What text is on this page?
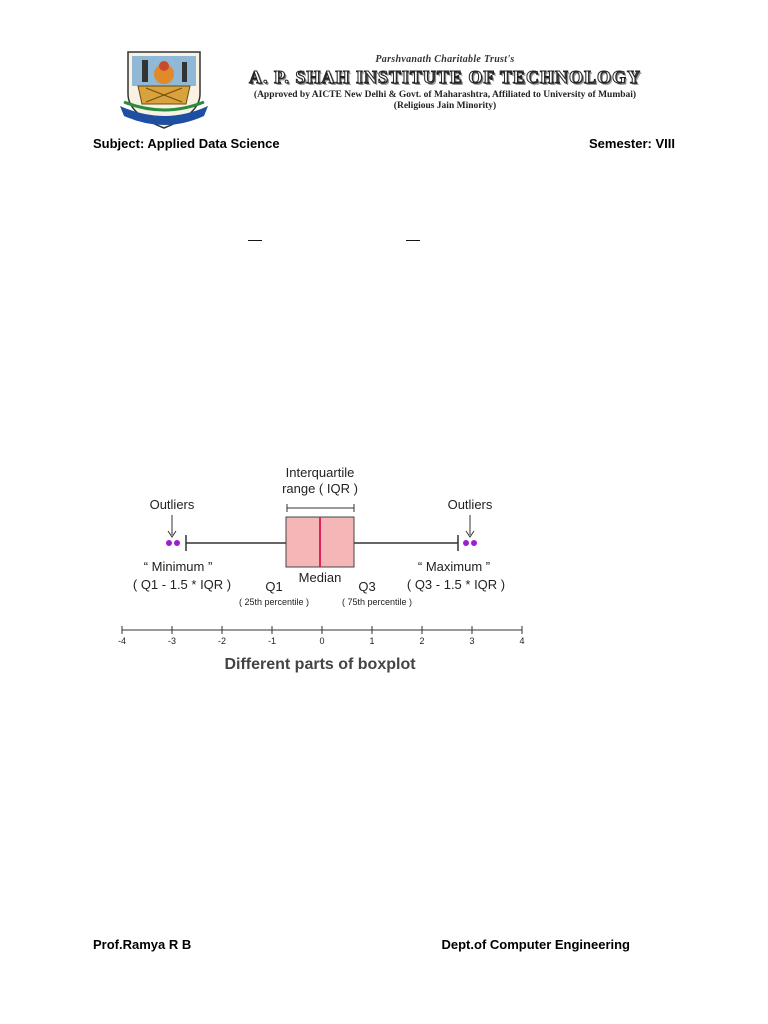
Parshvanath Charitable Trust's
A. P. SHAH INSTITUTE OF TECHNOLOGY
(Approved by AICTE New Delhi & Govt. of Maharashtra, Affiliated to University of Mumbai)
(Religious Jain Minority)
Subject: Applied Data Science	Semester: VIII
—	—
Interquartile
range ( IQR )
Outliers	Outliers
“ Minimum ”
( Q1 - 1.5 * IQR )
“ Maximum ”
( Q3 - 1.5 * IQR )
Q1
( 25th percentile )
Median
Q3
( 75th percentile )
-4	-3	-2	-1	0	1	2	3	4
Different parts of boxplot
Prof.Ramya R B	Dept.of Computer Engineering
